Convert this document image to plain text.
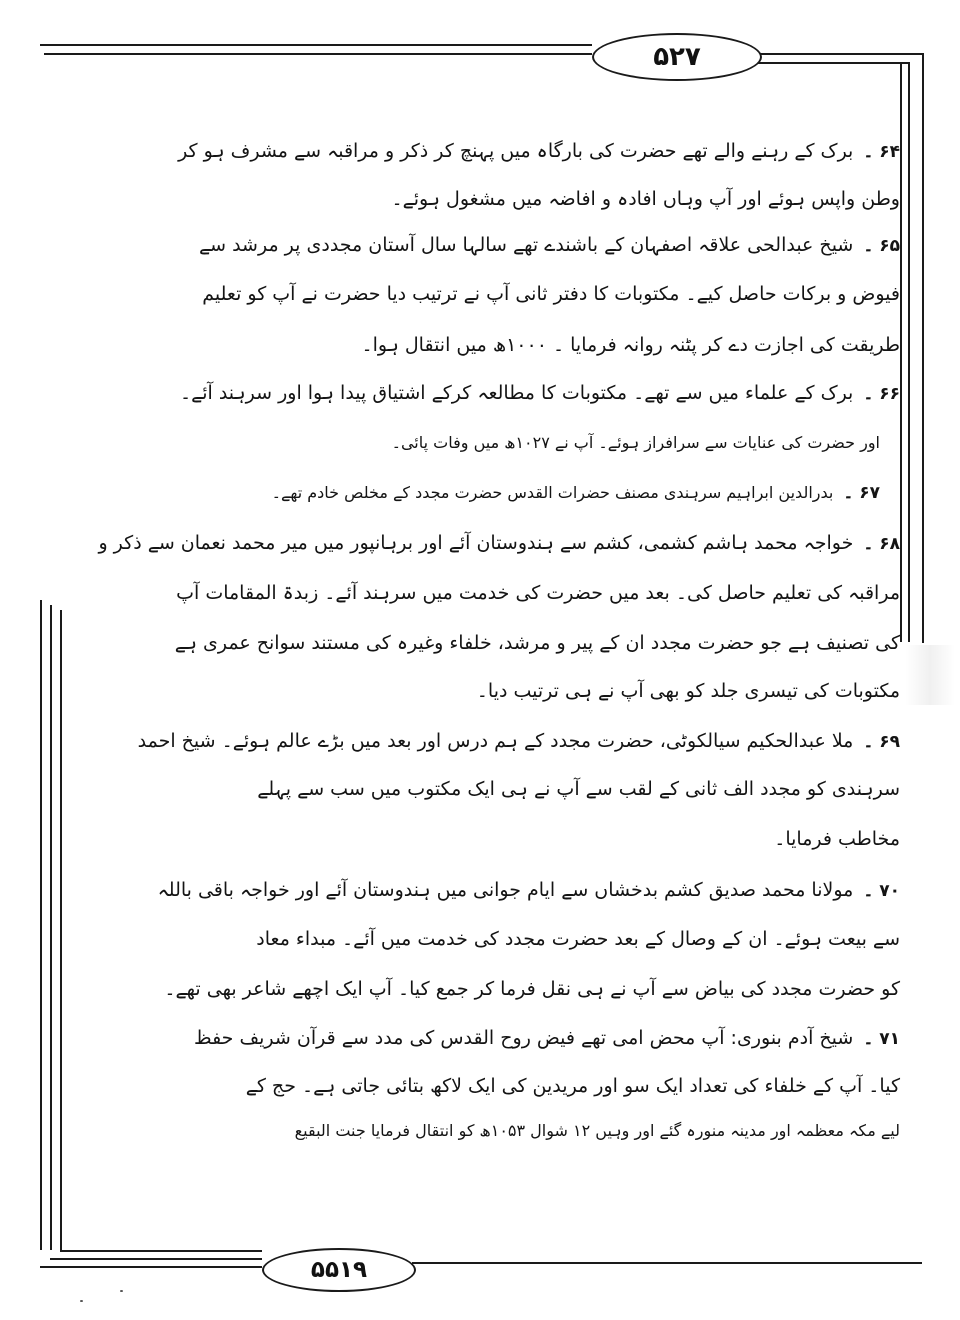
۵۲۷
۵۵۱۹
۶۴ ۔برک کے رہنے والے تھے حضرت کی بارگاہ میں پہنچ کر ذکر و مراقبہ سے مشرف ہو کر
وطن واپس ہوئے اور آپ وہاں افادہ و افاضہ میں مشغول ہوئے۔
۶۵ ۔شیخ عبدالحی علاقہ اصفہان کے باشندے تھے سالہا سال آستان مجددی پر مرشد سے
فیوض و برکات حاصل کیے۔ مکتوبات کا دفتر ثانی آپ نے ترتیب دیا حضرت نے آپ کو تعلیم
طریقت کی اجازت دے کر پٹنہ روانہ فرمایا ۔ ۱۰۰۰ھ میں انتقال ہوا۔
۶۶ ۔برک کے علماء میں سے تھے۔ مکتوبات کا مطالعہ کرکے اشتیاق پیدا ہوا اور سرہند آئے۔
اور حضرت کی عنایات سے سرافراز ہوئے۔ آپ نے ۱۰۲۷ھ میں وفات پائی۔
۶۷ ۔بدرالدین ابراہیم سرہندی مصنف حضرات القدس حضرت مجدد کے مخلص خادم تھے۔
۶۸ ۔خواجہ محمد ہاشم کشمی، کشم سے ہندوستان آئے اور برہانپور میں میر محمد نعمان سے ذکر و
مراقبہ کی تعلیم حاصل کی۔ بعد میں حضرت کی خدمت میں سرہند آئے۔ زبدۃ المقامات آپ
کی تصنیف ہے جو حضرت مجدد ان کے پیر و مرشد، خلفاء وغیرہ کی مستند سوانح عمری ہے
مکتوبات کی تیسری جلد کو بھی آپ نے ہی ترتیب دیا۔
۶۹ ۔ملا عبدالحکیم سیالکوٹی، حضرت مجدد کے ہم درس اور بعد میں بڑے عالم ہوئے۔ شیخ احمد
سرہندی کو مجدد الف ثانی کے لقب سے آپ نے ہی ایک مکتوب میں سب سے پہلے
مخاطب فرمایا۔
۷۰ ۔مولانا محمد صدیق کشم بدخشاں سے ایام جوانی میں ہندوستان آئے اور خواجہ باقی باللہ
سے بیعت ہوئے۔ ان کے وصال کے بعد حضرت مجدد کی خدمت میں آئے۔ مبداء معاد
کو حضرت مجدد کی بیاض سے آپ نے ہی نقل فرما کر جمع کیا۔ آپ ایک اچھے شاعر بھی تھے۔
۷۱ ۔شیخ آدم بنوری: آپ محض امی تھے فیض روح القدس کی مدد سے قرآن شریف حفظ
کیا۔ آپ کے خلفاء کی تعداد ایک سو اور مریدین کی ایک لاکھ بتائی جاتی ہے۔ حج کے
لیے مکہ معظمہ اور مدینہ منورہ گئے اور وہیں ۱۲ شوال ۱۰۵۳ھ کو انتقال فرمایا جنت البقیع
